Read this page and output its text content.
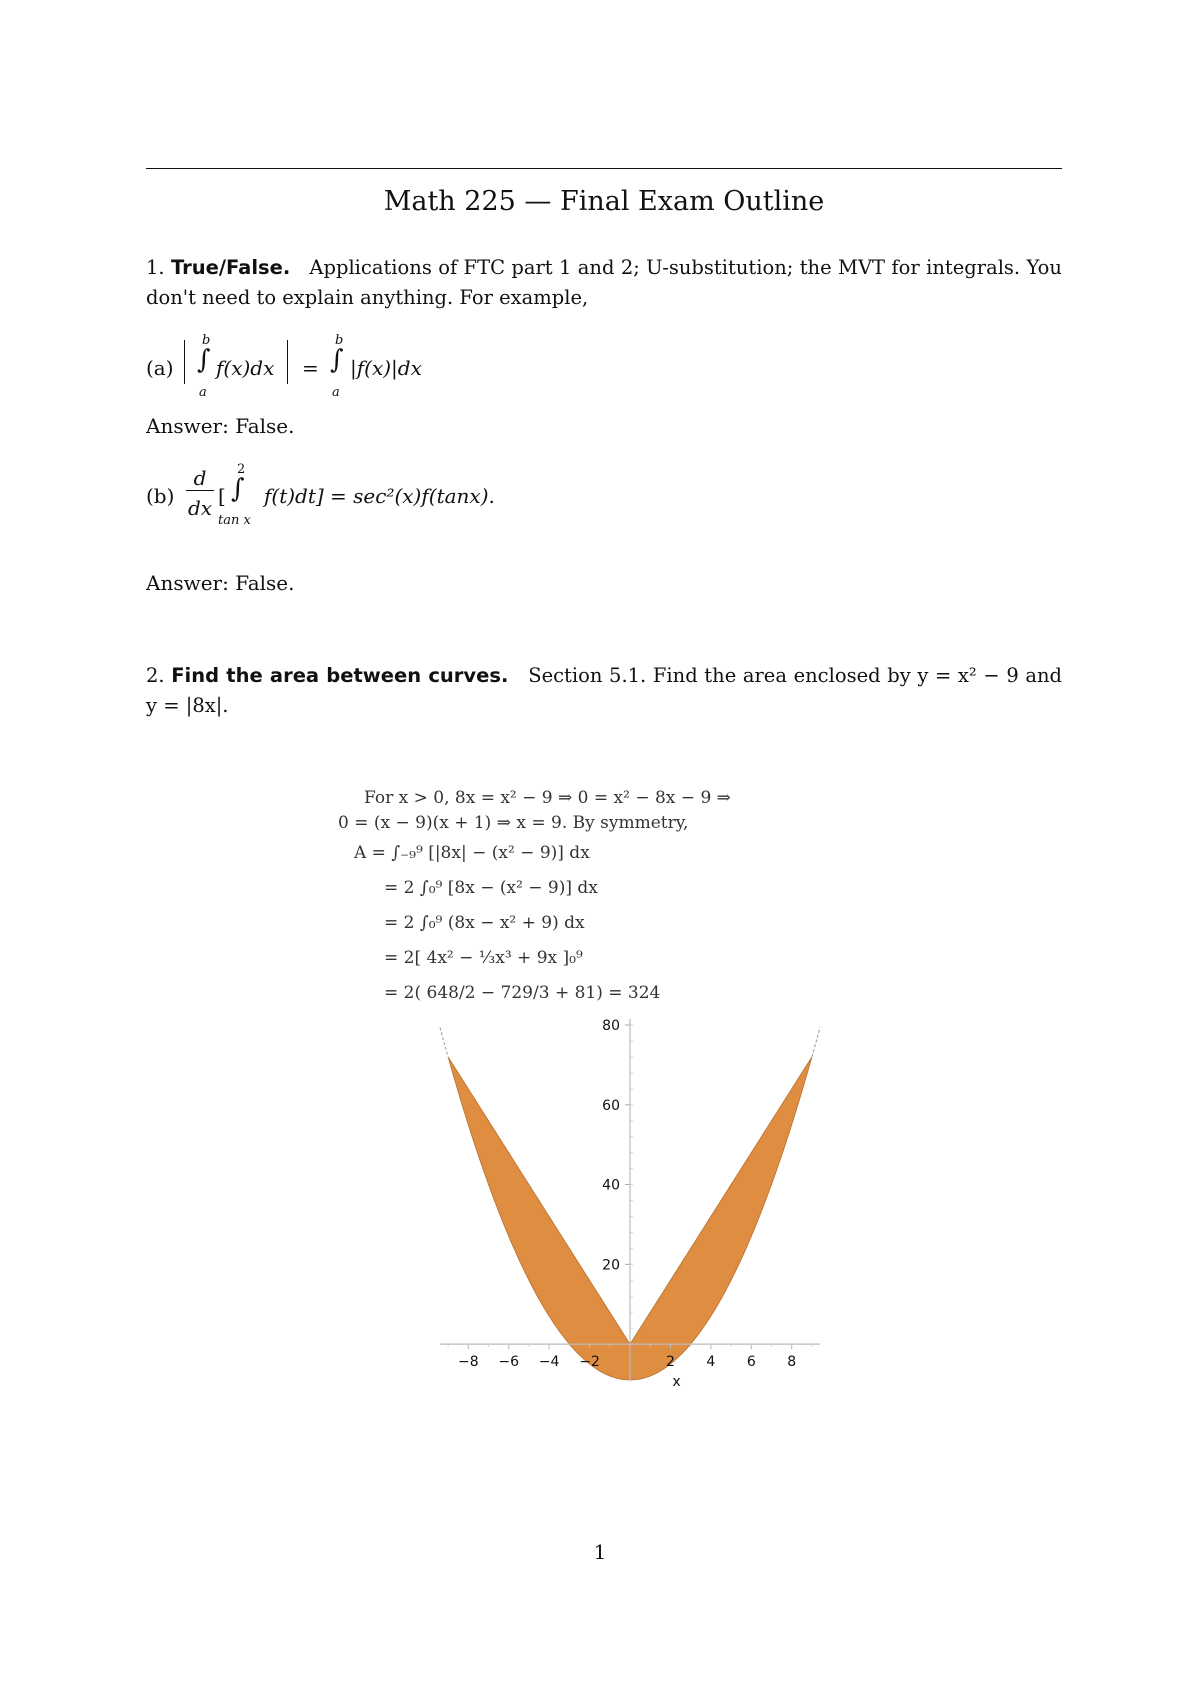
Math 225 — Final Exam Outline
1. True/False. Applications of FTC part 1 and 2; U-substitution; the MVT for integrals. You don't need to explain anything. For example,
(a)
b
∫
a
f(x)dx =
b
∫
a
|f(x)|dx
Answer: False.
(b)
d
dx [
2
∫
tan x
f(t)dt] = sec²(x)f(tanx).
Answer: False.
2. Find the area between curves. Section 5.1. Find the area enclosed by y = x² − 9 and y = |8x|.
For x > 0, 8x = x² − 9 ⇒ 0 = x² − 8x − 9 ⇒
0 = (x − 9)(x + 1) ⇒ x = 9. By symmetry,
A = ∫₋₉⁹ [|8x| − (x² − 9)] dx
= 2 ∫₀⁹ [8x − (x² − 9)] dx
= 2 ∫₀⁹ (8x − x² + 9) dx
= 2[ 4x² − ⅓x³ + 9x ]₀⁹
= 2( 648/2 − 729/3 + 81) = 324
−8 −6 −4 −2	2 4 6 8
20
40
60
80
x
1
